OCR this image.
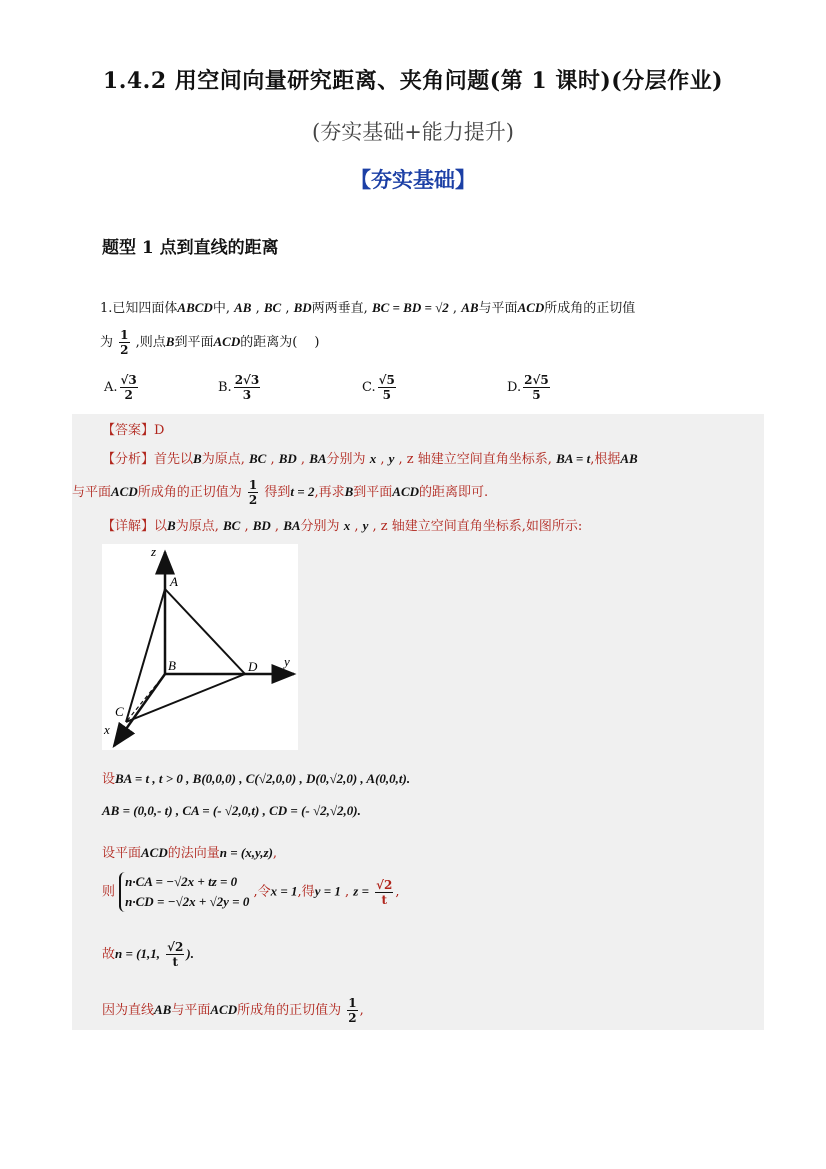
1.4.2 用空间向量研究距离、夹角问题(第 1 课时)(分层作业)
(夯实基础+能力提升)
【夯实基础】
题型 1 点到直线的距离
1.已知四面体ABCD中, AB , BC , BD两两垂直, BC = BD = √2 , AB与平面ACD所成角的正切值
为 $\frac{1}{2}$ ,则点B到平面ACD的距离为(　 )
A. $\frac{√3}{2}$	B. $\frac{2√3}{3}$	C. $\frac{√5}{5}$	D. $\frac{2√5}{5}$
【答案】D
【分析】首先以B为原点, BC , BD , BA分别为 x , y , z 轴建立空间直角坐标系, BA = t,根据AB
与平面ACD所成角的正切值为 $\frac{1}{2}$ 得到t = 2,再求B到平面ACD的距离即可.
【详解】以B为原点, BC , BD , BA分别为 x , y , z 轴建立空间直角坐标系,如图所示:
z
A
B	D y
C
x
设BA = t , t > 0 , B(0,0,0) , C(√2,0,0) , D(0,√2,0) , A(0,0,t).
AB = (0,0,- t) , CA = (- √2,0,t) , CD = (- √2,√2,0).
设平面ACD的法向量n = (x,y,z),
则
n·CA = −√2x + tz = 0
n·CD = −√2x + √2y = 0
,令x = 1,得y = 1 , $z = \frac{√2}{t}$ ,
故n = (1,1, $\frac{√2}{t}$ ).
因为直线AB与平面ACD所成角的正切值为 $\frac{1}{2}$ ,
